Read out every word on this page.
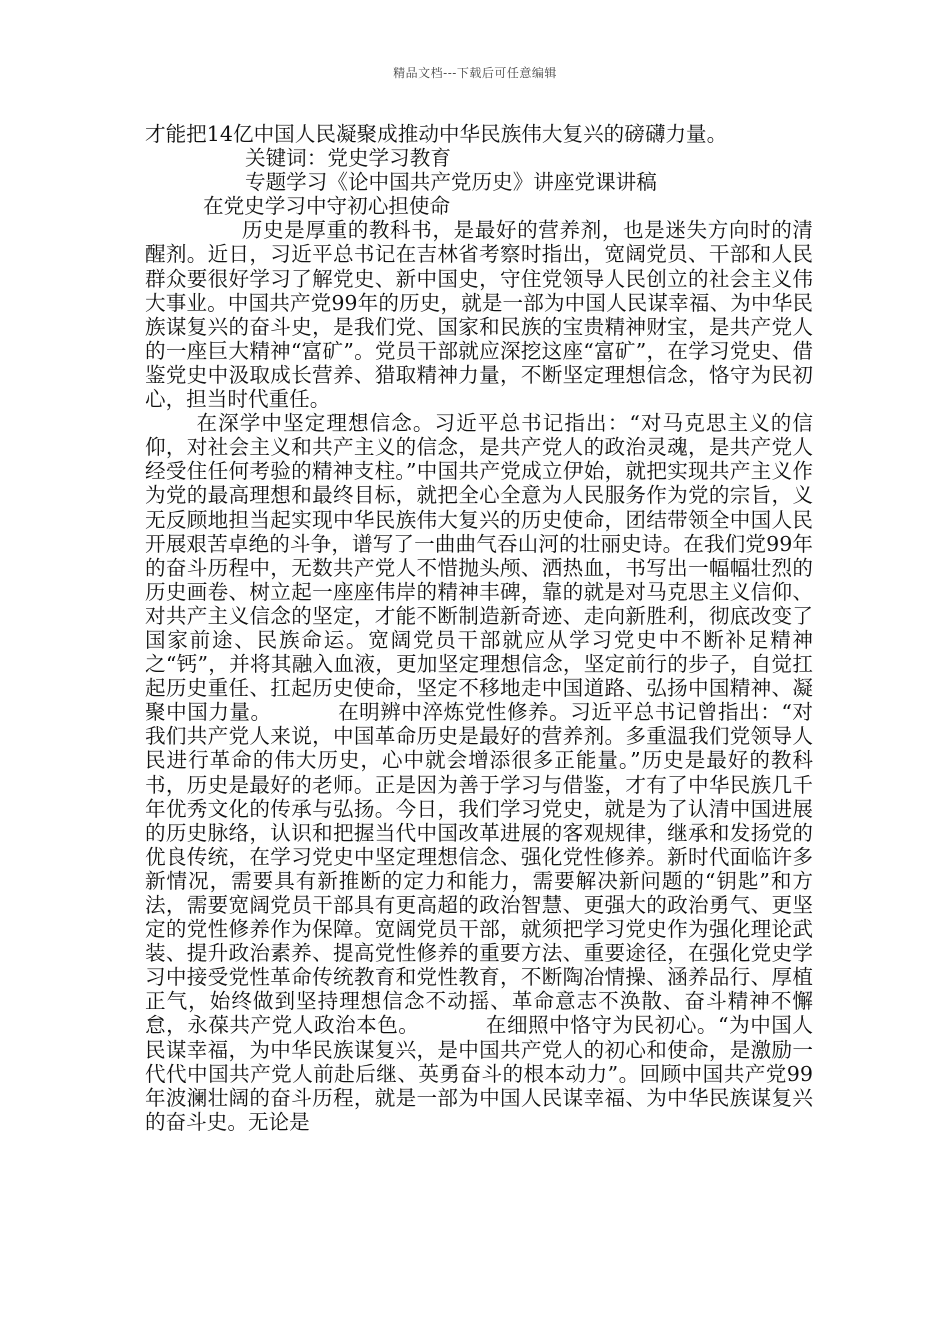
精品文档---下载后可任意编辑

才能把14亿中国人民凝聚成推动中华民族伟大复兴的磅礴力量。

关键词：党史学习教育

专题学习《论中国共产党历史》讲座党课讲稿

在党史学习中守初心担使命

历史是厚重的教科书，是最好的营养剂，也是迷失方向时的清醒剂。近日，习近平总书记在吉林省考察时指出，宽阔党员、干部和人民群众要很好学习了解党史、新中国史，守住党领导人民创立的社会主义伟大事业。中国共产党99年的历史，就是一部为中国人民谋幸福、为中华民族谋复兴的奋斗史，是我们党、国家和民族的宝贵精神财宝，是共产党人的一座巨大精神“富矿”。党员干部就应深挖这座“富矿”，在学习党史、借鉴党史中汲取成长营养、猎取精神力量，不断坚定理想信念，恪守为民初心，担当时代重任。

在深学中坚定理想信念。习近平总书记指出：“对马克思主义的信仰，对社会主义和共产主义的信念，是共产党人的政治灵魂，是共产党人经受住任何考验的精神支柱。”中国共产党成立伊始，就把实现共产主义作为党的最高理想和最终目标，就把全心全意为人民服务作为党的宗旨，义无反顾地担当起实现中华民族伟大复兴的历史使命，团结带领全中国人民开展艰苦卓绝的斗争，谱写了一曲曲气吞山河的壮丽史诗。在我们党99年的奋斗历程中，无数共产党人不惜抛头颅、洒热血，书写出一幅幅壮烈的历史画卷、树立起一座座伟岸的精神丰碑，靠的就是对马克思主义信仰、对共产主义信念的坚定，才能不断制造新奇迹、走向新胜利，彻底改变了国家前途、民族命运。宽阔党员干部就应从学习党史中不断补足精神之“钙”，并将其融入血液，更加坚定理想信念，坚定前行的步子，自觉扛起历史重任、扛起历史使命，坚定不移地走中国道路、弘扬中国精神、凝聚中国力量。	在明辨中淬炼党性修养。习近平总书记曾指出：“对我们共产党人来说，中国革命历史是最好的营养剂。多重温我们党领导人民进行革命的伟大历史，心中就会增添很多正能量。”历史是最好的教科书，历史是最好的老师。正是因为善于学习与借鉴，才有了中华民族几千年优秀文化的传承与弘扬。今日，我们学习党史，就是为了认清中国进展的历史脉络，认识和把握当代中国改革进展的客观规律，继承和发扬党的优良传统，在学习党史中坚定理想信念、强化党性修养。新时代面临许多新情况，需要具有新推断的定力和能力，需要解决新问题的“钥匙”和方法，需要宽阔党员干部具有更高超的政治智慧、更强大的政治勇气、更坚定的党性修养作为保障。宽阔党员干部，就须把学习党史作为强化理论武装、提升政治素养、提高党性修养的重要方法、重要途径，在强化党史学习中接受党性革命传统教育和党性教育，不断陶冶情操、涵养品行、厚植正气，始终做到坚持理想信念不动摇、革命意志不涣散、奋斗精神不懈怠，永葆共产党人政治本色。	在细照中恪守为民初心。“为中国人民谋幸福，为中华民族谋复兴，是中国共产党人的初心和使命，是激励一代代中国共产党人前赴后继、英勇奋斗的根本动力”。回顾中国共产党99年波澜壮阔的奋斗历程，就是一部为中国人民谋幸福、为中华民族谋复兴的奋斗史。无论是
